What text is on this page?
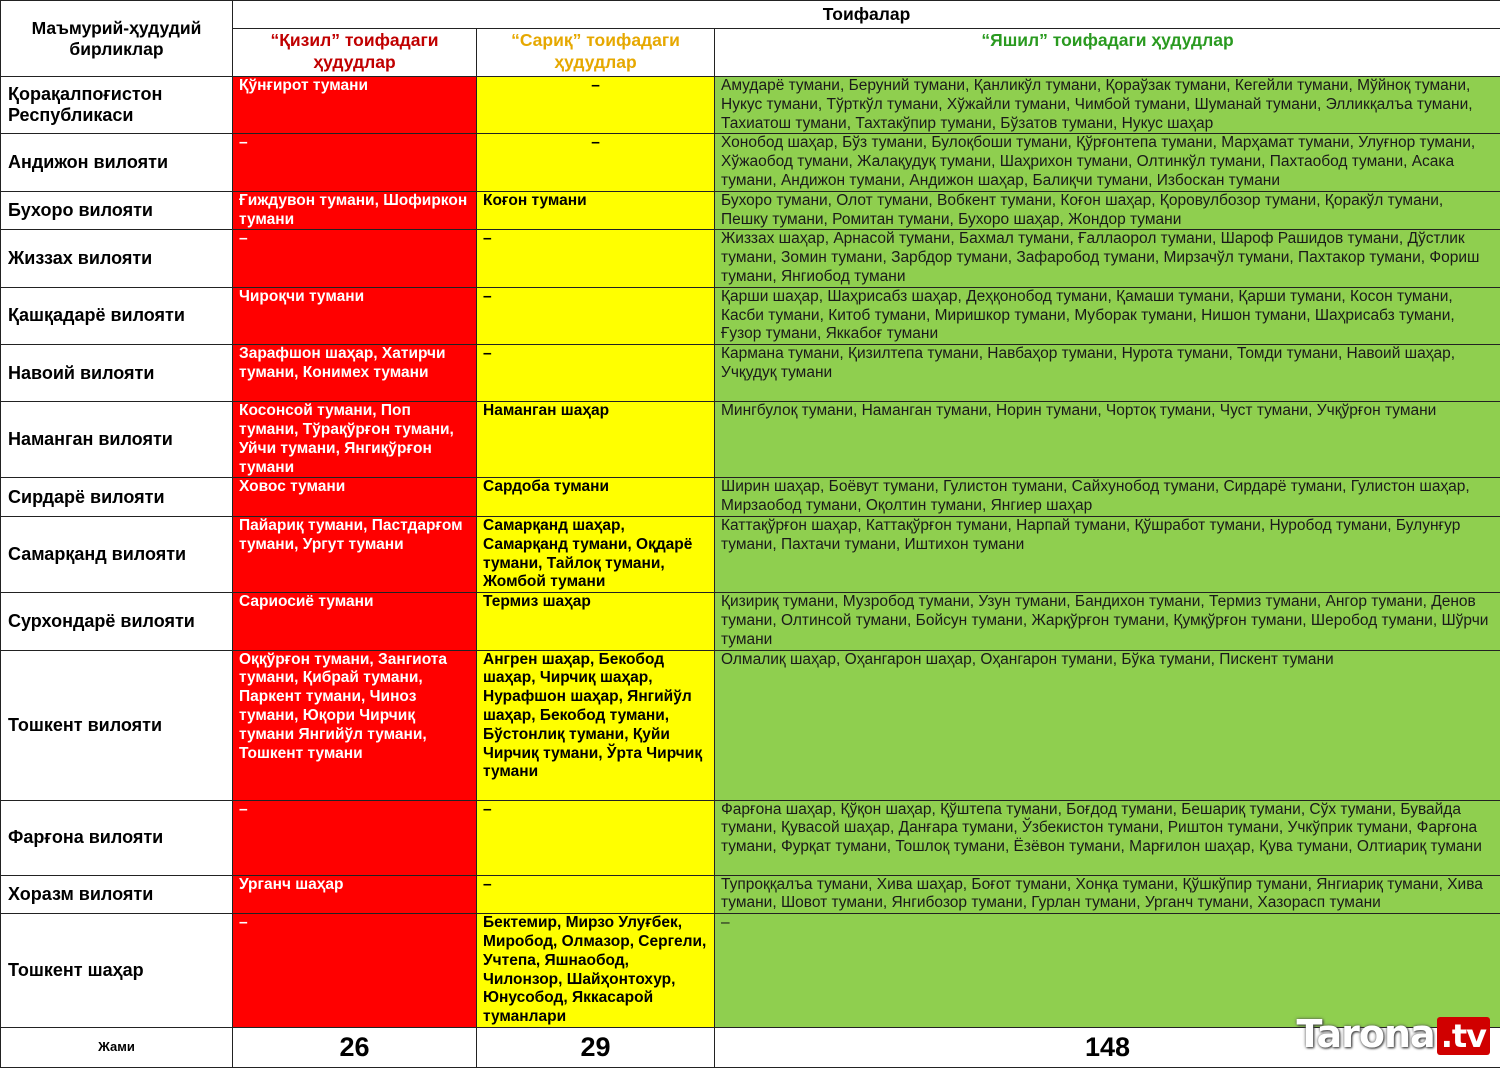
Маъмурий-ҳудудий бирликлар	Тоифалар		
	“Қизил” тоифадаги ҳудудлар	“Сариқ” тоифадаги ҳудудлар	“Яшил” тоифадаги ҳудудлар
Қорақалпоғистон Республикаси	Қўнғирот тумани	–	Амударё тумани, Беруний тумани, Қанликўл тумани, Қораўзак тумани, Кегейли тумани, Мўйноқ тумани, Нукус тумани, Тўрткўл тумани, Хўжайли тумани, Чимбой тумани, Шуманай тумани, Элликқалъа тумани, Тахиатош тумани, Тахтакўпир тумани, Бўзатов тумани, Нукус шаҳар
Андижон вилояти	–	–	Хонобод шаҳар, Бўз тумани, Булоқбоши тумани, Қўрғонтепа тумани, Марҳамат тумани, Улуғнор тумани, Хўжаобод тумани, Жалақудуқ тумани, Шаҳрихон тумани, Олтинкўл тумани, Пахтаобод тумани, Асака тумани, Андижон тумани, Андижон шаҳар, Балиқчи тумани, Избоскан тумани
Бухоро вилояти	Ғиждувон тумани, Шофиркон тумани	Коғон тумани	Бухоро тумани, Олот тумани, Вобкент тумани, Коғон шаҳар, Қоровулбозор тумани, Қоракўл тумани, Пешку тумани, Ромитан тумани, Бухоро шаҳар, Жондор тумани
Жиззах вилояти	–	–	Жиззах шаҳар, Арнасой тумани, Бахмал тумани, Ғаллаорол тумани, Шароф Рашидов тумани, Дўстлик тумани, Зомин тумани, Зарбдор тумани, Зафаробод тумани, Мирзачўл тумани, Пахтакор тумани, Фориш тумани, Янгиобод тумани
Қашқадарё вилояти	Чироқчи тумани	–	Қарши шаҳар, Шаҳрисабз шаҳар, Деҳқонобод тумани, Қамаши тумани, Қарши тумани, Косон тумани, Касби тумани, Китоб тумани, Миришкор тумани, Муборак тумани, Нишон тумани, Шаҳрисабз тумани, Ғузор тумани, Яккабоғ тумани
Навоий вилояти	Зарафшон шаҳар, Хатирчи тумани, Конимех тумани	–	Кармана тумани, Қизилтепа тумани, Навбаҳор тумани, Нурота тумани, Томди тумани, Навоий шаҳар, Учқудуқ тумани
Наманган вилояти	Косонсой тумани, Поп тумани, Тўрақўрғон тумани, Уйчи тумани, Янгиқўрғон тумани	Наманган шаҳар	Мингбулоқ тумани, Наманган тумани, Норин тумани, Чортоқ тумани, Чуст тумани, Учқўрғон тумани
Сирдарё вилояти	Ховос тумани	Сардоба тумани	Ширин шаҳар, Боёвут тумани, Гулистон тумани, Сайхунобод тумани, Сирдарё тумани, Гулистон шаҳар, Мирзаобод тумани, Оқолтин тумани, Янгиер шаҳар
Самарқанд вилояти	Пайариқ тумани, Пастдарғом тумани, Ургут тумани	Самарқанд шаҳар, Самарқанд тумани, Оқдарё тумани, Тайлоқ тумани, Жомбой тумани	Каттақўрғон шаҳар, Каттақўрғон тумани, Нарпай тумани, Қўшработ тумани, Нуробод тумани, Булунғур тумани, Пахтачи тумани, Иштихон тумани
Сурхондарё вилояти	Сариосиё тумани	Термиз шаҳар	Қизириқ тумани, Музробод тумани, Узун тумани, Бандихон тумани, Термиз тумани, Ангор тумани, Денов тумани, Олтинсой тумани, Бойсун тумани, Жарқўрғон тумани, Қумқўрғон тумани, Шеробод тумани, Шўрчи тумани
Тошкент вилояти	Оққўрғон тумани, Зангиота тумани, Қибрай тумани, Паркент тумани, Чиноз тумани, Юқори Чирчиқ тумани Янгийўл тумани, Тошкент тумани	Ангрен шаҳар, Бекобод шаҳар, Чирчиқ шаҳар, Нурафшон шаҳар, Янгийўл шаҳар, Бекобод тумани, Бўстонлиқ тумани, Қуйи Чирчиқ тумани, Ўрта Чирчиқ тумани	Олмалиқ шаҳар, Оҳангарон шаҳар, Оҳангарон тумани, Бўка тумани, Пискент тумани
Фарғона вилояти	–	–	Фарғона шаҳар, Қўқон шаҳар, Қўштепа тумани, Боғдод тумани, Бешариқ тумани, Сўх тумани, Бувайда тумани, Қувасой шаҳар, Данғара тумани, Ўзбекистон тумани, Риштон тумани, Учкўприк тумани, Фарғона тумани, Фурқат тумани, Тошлоқ тумани, Ёзёвон тумани, Марғилон шаҳар, Қува тумани, Олтиариқ тумани
Хоразм вилояти	Урганч шаҳар	–	Тупроққалъа тумани, Хива шаҳар, Боғот тумани, Хонқа тумани, Қўшкўпир тумани, Янгиариқ тумани, Хива тумани, Шовот тумани, Янгибозор тумани, Гурлан тумани, Урганч тумани, Хазорасп тумани
Тошкент шаҳар	–	Бектемир, Мирзо Улуғбек, Миробод, Олмазор, Сергели, Учтепа, Яшнаобод, Чилонзор, Шайҳонтохур, Юнусобод, Яккасарой туманлари	–
Жами	26	29	148	Tarona .tv
